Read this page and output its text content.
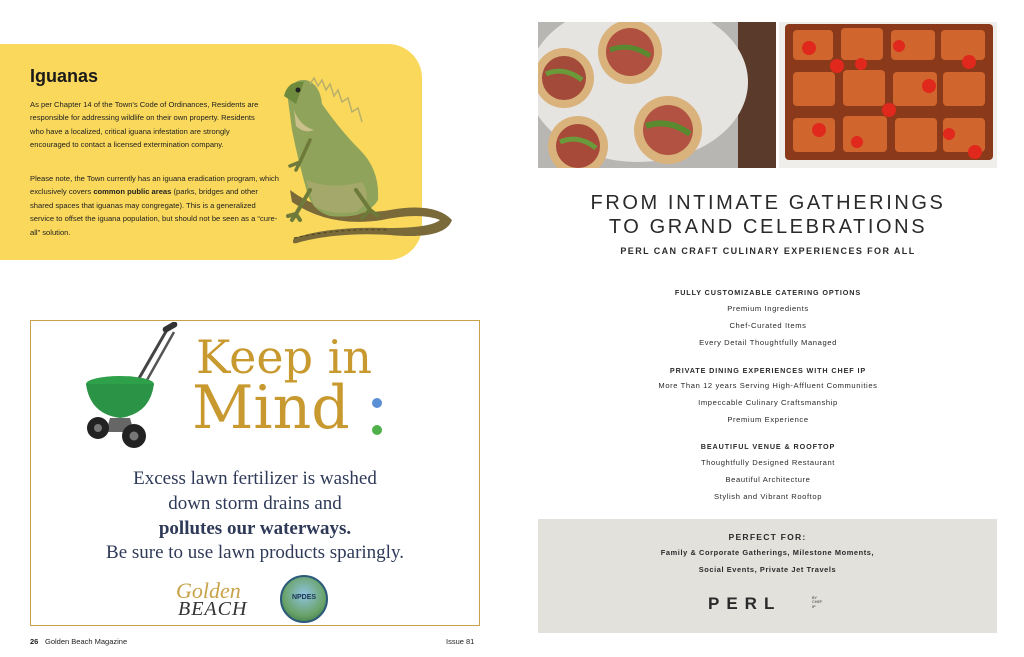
Iguanas
As per Chapter 14 of the Town's Code of Ordinances, Residents are responsible for addressing wildlife on their own property. Residents who have a localized, critical iguana infestation are strongly encouraged to contact a licensed extermination company.
Please note, the Town currently has an iguana eradication program, which exclusively covers common public areas (parks, bridges and other shared spaces that iguanas may congregate). This is a generalized service to offset the iguana population, but should not be seen as a “cure-all” solution.
Keep in
Mind
Excess lawn fertilizer is washed
down storm drains and
pollutes our waterways.
Be sure to use lawn products sparingly.
Golden
BEACH
NPDES
26 Golden Beach Magazine	Issue 81
FROM INTIMATE GATHERINGS
TO GRAND CELEBRATIONS
PERL CAN CRAFT CULINARY EXPERIENCES FOR ALL
FULLY CUSTOMIZABLE CATERING OPTIONS
Premium Ingredients
Chef-Curated Items
Every Detail Thoughtfully Managed
PRIVATE DINING EXPERIENCES WITH CHEF IP
More Than 12 years Serving High-Affluent Communities
Impeccable Culinary Craftsmanship
Premium Experience
BEAUTIFUL VENUE & ROOFTOP
Thoughtfully Designed Restaurant
Beautiful Architecture
Stylish and Vibrant Rooftop
PERFECT FOR:
Family & Corporate Gatherings, Milestone Moments,
Social Events, Private Jet Travels
PERL	BY CHEF IP
